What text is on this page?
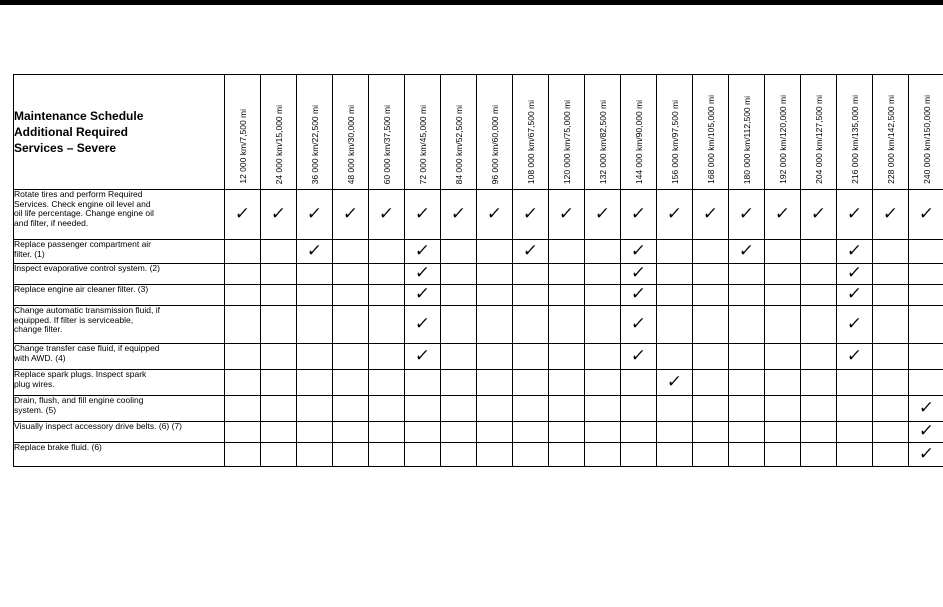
Maintenance Schedule
Additional Required
Services – Severe	12 000 km/7,500 mi	24 000 km/15,000 mi	36 000 km/22,500 mi	48 000 km/30,000 mi	60 000 km/37,500 mi	72 000 km/45,000 mi	84 000 km/52,500 mi	96 000 km/60,000 mi	108 000 km/67,500 mi	120 000 km/75,000 mi	132 000 km/82,500 mi	144 000 km/90,000 mi	156 000 km/97,500 mi	168 000 km/105,000 mi	180 000 km/112,500 mi	192 000 km/120,000 mi	204 000 km/127,500 mi	216 000 km/135,000 mi	228 000 km/142,500 mi	240 000 km/150,000 mi

Rotate tires and perform Required
Services. Check engine oil level and
oil life percentage. Change engine oil
and filter, if needed.	✓	✓	✓	✓	✓	✓	✓	✓	✓	✓	✓	✓	✓	✓	✓	✓	✓	✓	✓	✓

Replace passenger compartment air
filter. (1)			✓			✓			✓			✓			✓			✓		

Inspect evaporative control system. (2)						✓						✓						✓		

Replace engine air cleaner filter. (3)						✓						✓						✓		

Change automatic transmission fluid, if
equipped. If filter is serviceable,
change filter.						✓						✓						✓		

Change transfer case fluid, if equipped
with AWD. (4)						✓						✓						✓		

Replace spark plugs. Inspect spark
plug wires.													✓							

Drain, flush, and fill engine cooling
system. (5)																				✓

Visually inspect accessory drive belts. (6) (7)																				✓

Replace brake fluid. (6)																				✓
